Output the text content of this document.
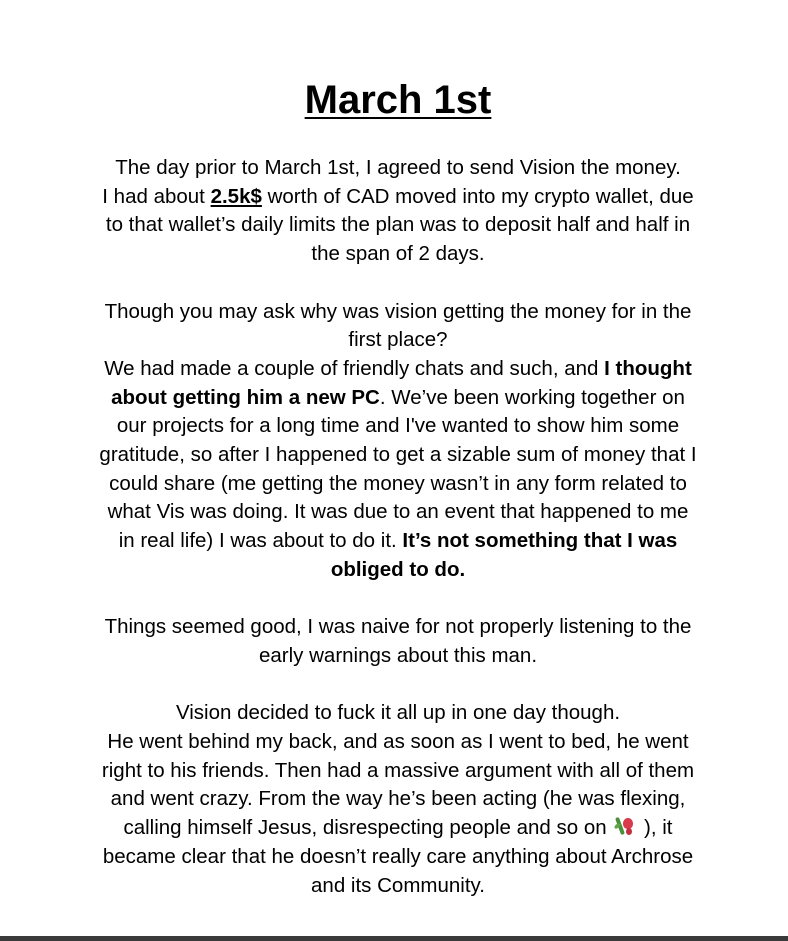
March 1st
The day prior to March 1st, I agreed to send Vision the money.
I had about 2.5k$ worth of CAD moved into my crypto wallet, due
to that wallet’s daily limits the plan was to deposit half and half in
the span of 2 days.
Though you may ask why was vision getting the money for in the
first place?
We had made a couple of friendly chats and such, and I thought
about getting him a new PC. We’ve been working together on
our projects for a long time and I've wanted to show him some
gratitude, so after I happened to get a sizable sum of money that I
could share (me getting the money wasn’t in any form related to
what Vis was doing. It was due to an event that happened to me
in real life) I was about to do it. It’s not something that I was
obliged to do.
Things seemed good, I was naive for not properly listening to the
early warnings about this man.
Vision decided to fuck it all up in one day though.
He went behind my back, and as soon as I went to bed, he went
right to his friends. Then had a massive argument with all of them
and went crazy. From the way he’s been acting (he was flexing,
calling himself Jesus, disrespecting people and so on
), it
became clear that he doesn’t really care anything about Archrose
and its Community.
